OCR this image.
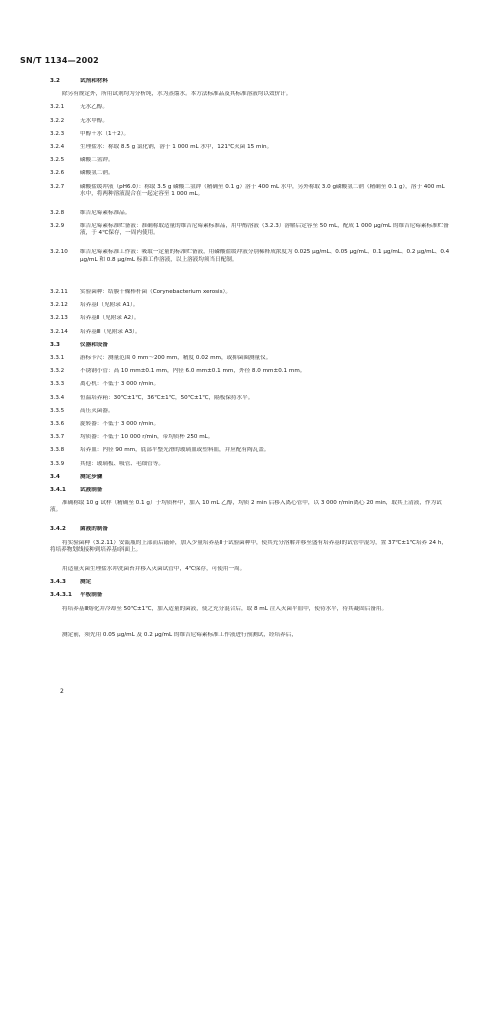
SN/T 1134—2002
3.2	试剂和材料
除另有规定外，所用试剂均为分析纯，水为蒸馏水。本方法标准品及其标准溶液均以效价计。
3.2.1	无水乙醇。
3.2.2	无水甲醇。
3.2.3	甲醇＋水（1＋2）。
3.2.4	生理盐水：称取 8.5 g 氯化钠，溶于 1 000 mL 水中，121℃灭菌 15 min。
3.2.5	磷酸二氢钾。
3.2.6	磷酸氢二钠。
3.2.7	磷酸盐缓冲液（pH6.0）：称取 3.5 g 磷酸二氢钾（精确至 0.1 g）溶于 400 mL 水中，另外称取 3.0 g磷酸氢二钠（精确至 0.1 g），溶于 400 mL 水中，将两种溶液混合在一起定容至 1 000 mL。
3.2.8	维吉尼霉素标准品。
3.2.9	维吉尼霉素标准贮备液：准确称取适量的维吉尼霉素标准品，用甲醇溶液（3.2.3）溶解后定容至 50 mL，配成 1 000 μg/mL 的维吉尼霉素标准贮备液，于 4℃保存，一周内使用。
3.2.10	维吉尼霉素标准工作液：吸取一定量的标准贮备液，用磷酸盐缓冲液分别稀释成浓度为 0.025 μg/mL、0.05 μg/mL、0.1 μg/mL、0.2 μg/mL、0.4 μg/mL 和 0.8 μg/mL 标准工作溶液，以上溶液均须当日配制。
3.2.11	实验菌种：结膜干燥棒杆菌（Corynebacterium xerosis）。
3.2.12	培养基Ⅰ（见附录 A1）。
3.2.13	培养基Ⅱ（见附录 A2）。
3.2.14	培养基Ⅲ（见附录 A3）。
3.3	仪器和设备
3.3.1	游标卡尺：测量范围 0 mm～200 mm，精度 0.02 mm，或抑菌圈测量仪。
3.3.2	不锈钢小管：高 10 mm±0.1 mm，内径 6.0 mm±0.1 mm，外径 8.0 mm±0.1 mm。
3.3.3	离心机：不低于 3 000 r/min。
3.3.4	恒温培养箱：30℃±1℃，36℃±1℃，50℃±1℃，隔板保持水平。
3.3.5	高压灭菌器。
3.3.6	旋转器：不低于 3 000 r/min。
3.3.7	均质器：不低于 10 000 r/min，带均质杯 250 mL。
3.3.8	培养皿：内径 90 mm，底部平整光滑的玻璃皿或塑料皿，并应配有陶瓦盖。
3.3.9	其他：玻璃板、吸管、毛细管等。
3.4	测定步骤
3.4.1	试液制备
准确称取 10 g 试样（精确至 0.1 g）于均质杯中，加入 10 mL 乙醇，均质 2 min 后移入离心管中，以 3 000 r/min离心 20 min，取其上清液，作为试液。
3.4.2	菌液的制备
将实验菌种（3.2.11）安瓿瓶的上部而后敲碎，加入少量培养基Ⅱ于试验菌种中，使其充分溶解并移至盛有培养基Ⅰ的试管中混匀，置 37℃±1℃培养 24 h，将培养物划线接种到培养基Ⅰ斜面上。
用适量灭菌生理盐水冲洗菌苔并移入灭菌试管中，4℃保存，可使用一周。
3.4.3	测定
3.4.3.1	平板制备
将培养基Ⅲ熔化并冷却至 50℃±1℃，加入适量的菌液，使之充分混合后，取 8 mL 注入灭菌平皿中，使待水平，待其凝固后备用。
测定前，须先用 0.05 μg/mL 及 0.2 μg/mL 的维吉尼霉素标准工作液进行预测试，经培养后，
2
